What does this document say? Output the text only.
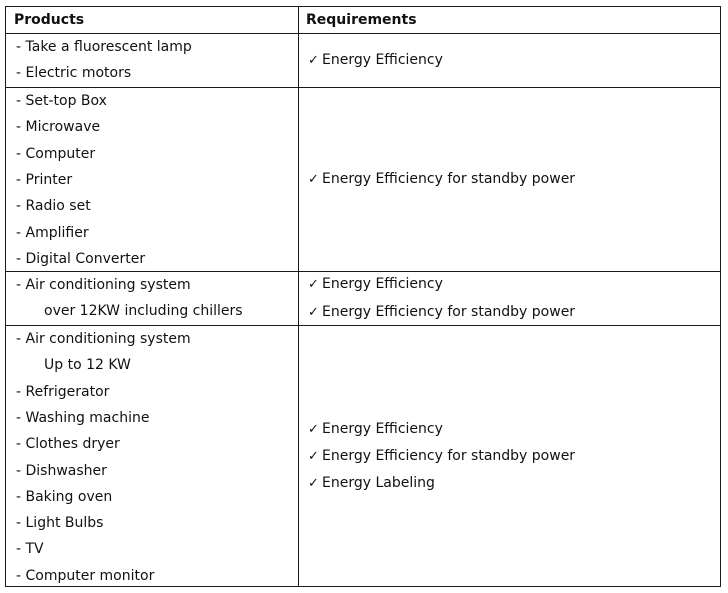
Products	Requirements
- Take a fluorescent lamp
- Electric motors
✓ Energy Efficiency
- Set-top Box
- Microwave
- Computer
- Printer
- Radio set
- Amplifier
- Digital Converter
✓ Energy Efficiency for standby power
- Air conditioning system
over 12KW including chillers
✓ Energy Efficiency
✓ Energy Efficiency for standby power
- Air conditioning system
Up to 12 KW
- Refrigerator
- Washing machine
- Clothes dryer
- Dishwasher
- Baking oven
- Light Bulbs
- TV
- Computer monitor
✓ Energy Efficiency
✓ Energy Efficiency for standby power
✓ Energy Labeling
